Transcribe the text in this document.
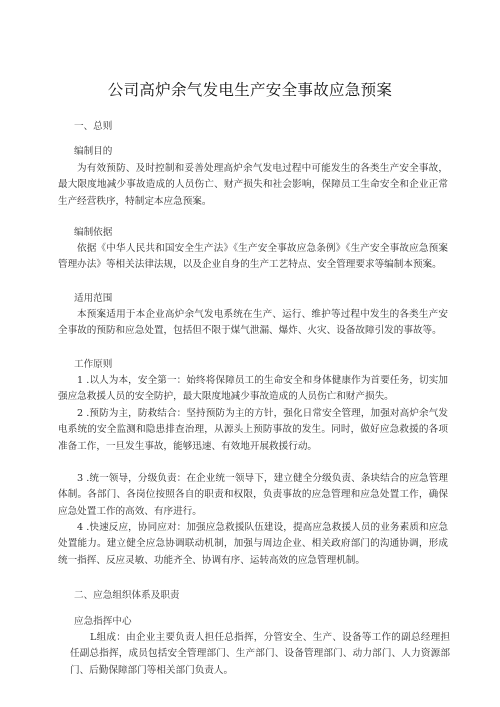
公司高炉余气发电生产安全事故应急预案
一、总则
编制目的
为有效预防、及时控制和妥善处理高炉余气发电过程中可能发生的各类生产安全事故，最大限度地减少事故造成的人员伤亡、财产损失和社会影响，保障员工生命安全和企业正常生产经营秩序，特制定本应急预案。
编制依据
依据《中华人民共和国安全生产法》《生产安全事故应急条例》《生产安全事故应急预案管理办法》等相关法律法规，以及企业自身的生产工艺特点、安全管理要求等编制本预案。
适用范围
本预案适用于本企业高炉余气发电系统在生产、运行、维护等过程中发生的各类生产安全事故的预防和应急处置，包括但不限于煤气泄漏、爆炸、火灾、设备故障引发的事故等。
工作原则
1 .以人为本，安全第一：始终将保障员工的生命安全和身体健康作为首要任务，切实加强应急救援人员的安全防护，最大限度地减少事故造成的人员伤亡和财产损失。
2 .预防为主，防救结合：坚持预防为主的方针，强化日常安全管理，加强对高炉余气发电系统的安全监测和隐患排查治理，从源头上预防事故的发生。同时，做好应急救援的各项准备工作，一旦发生事故，能够迅速、有效地开展救援行动。
3 .统一领导，分级负责：在企业统一领导下，建立健全分级负责、条块结合的应急管理体制。各部门、各岗位按照各自的职责和权限，负责事故的应急管理和应急处置工作，确保应急处置工作的高效、有序进行。
4 .快速反应，协同应对：加强应急救援队伍建设，提高应急救援人员的业务素质和应急处置能力。建立健全应急协调联动机制，加强与周边企业、相关政府部门的沟通协调，形成统一指挥、反应灵敏、功能齐全、协调有序、运转高效的应急管理机制。
二、应急组织体系及职责
应急指挥中心
L组成：由企业主要负责人担任总指挥，分管安全、生产、设备等工作的副总经理担任副总指挥，成员包括安全管理部门、生产部门、设备管理部门、动力部门、人力资源部门、后勤保障部门等相关部门负责人。
